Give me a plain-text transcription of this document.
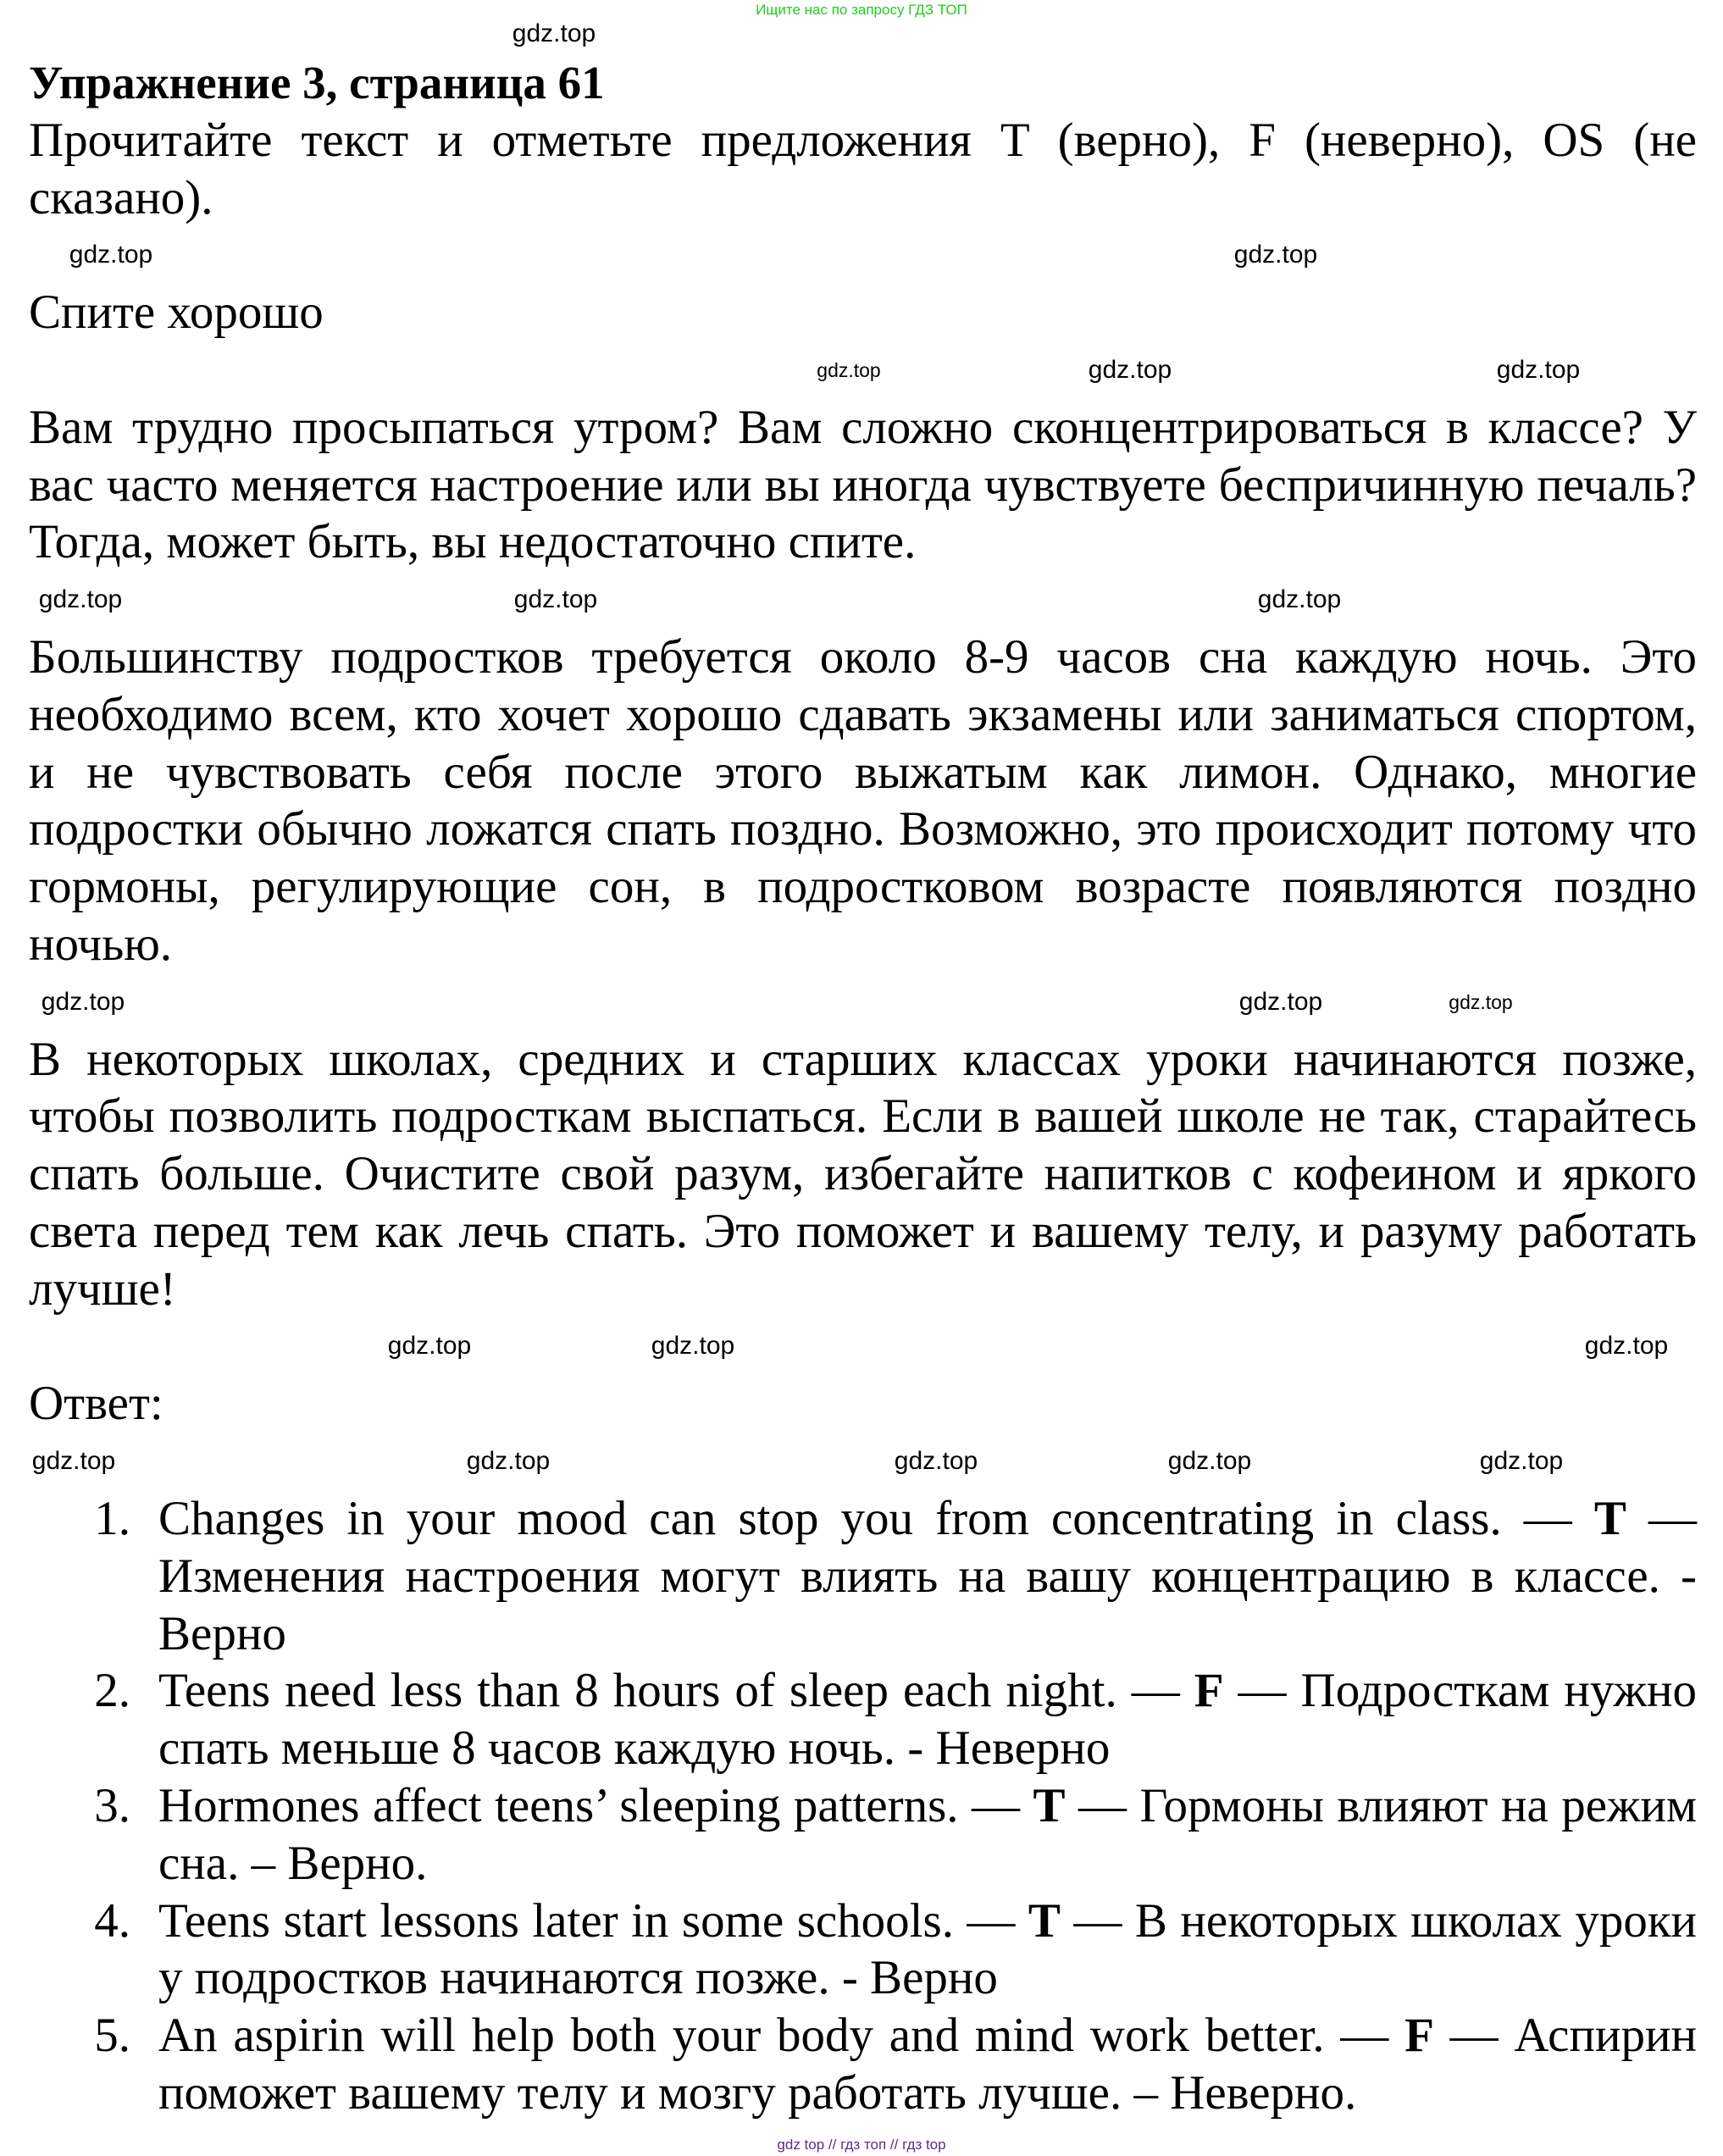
Ищите нас по запросу ГДЗ ТОП
gdz.top
Упражнение 3, страница 61

Прочитайте текст и отметьте предложения T (верно), F (неверно), OS (не сказано).

gdz.top
gdz.top

Спите хорошо

gdz.top
gdz.top	gdz.top

Вам трудно просыпаться утром? Вам сложно сконцентрироваться в классе? У вас часто меняется настроение или вы иногда чувствуете беспричинную печаль? Тогда, может быть, вы недостаточно спите.

gdz.top
gdz.top	gdz.top

Большинству подростков требуется около 8-9 часов сна каждую ночь. Это необходимо всем, кто хочет хорошо сдавать экзамены или заниматься спортом, и не чувствовать себя после этого выжатым как лимон. Однако, многие подростки обычно ложатся спать поздно. Возможно, это происходит потому что гормоны, регулирующие сон, в подростковом возрасте появляются поздно ночью.

gdz.top	gdz.top
gdz.top

В некоторых школах, средних и старших классах уроки начинаются позже, чтобы позволить подросткам выспаться. Если в вашей школе не так, старайтесь спать больше. Очистите свой разум, избегайте напитков с кофеином и яркого света перед тем как лечь спать. Это поможет и вашему телу, и разуму работать лучше!

gdz.top	gdz.top
gdz.top

Ответ:

gdz.top	gdz.top
gdz.top	gdz.top
gdz.top
1. Changes in your mood can stop you from concentrating in class. — T — Изменения настроения могут влиять на вашу концентрацию в классе. - Верно
2. Teens need less than 8 hours of sleep each night. — F — Подросткам нужно спать меньше 8 часов каждую ночь. - Неверно
3. Hormones affect teens’ sleeping patterns. — T — Гормоны влияют на режим сна. – Верно.
4. Teens start lessons later in some schools. — T — В некоторых школах уроки у подростков начинаются позже. - Верно
5. An aspirin will help both your body and mind work better. — F — Аспирин поможет вашему телу и мозгу работать лучше. – Неверно.
gdz top // гдз топ // гдз top
